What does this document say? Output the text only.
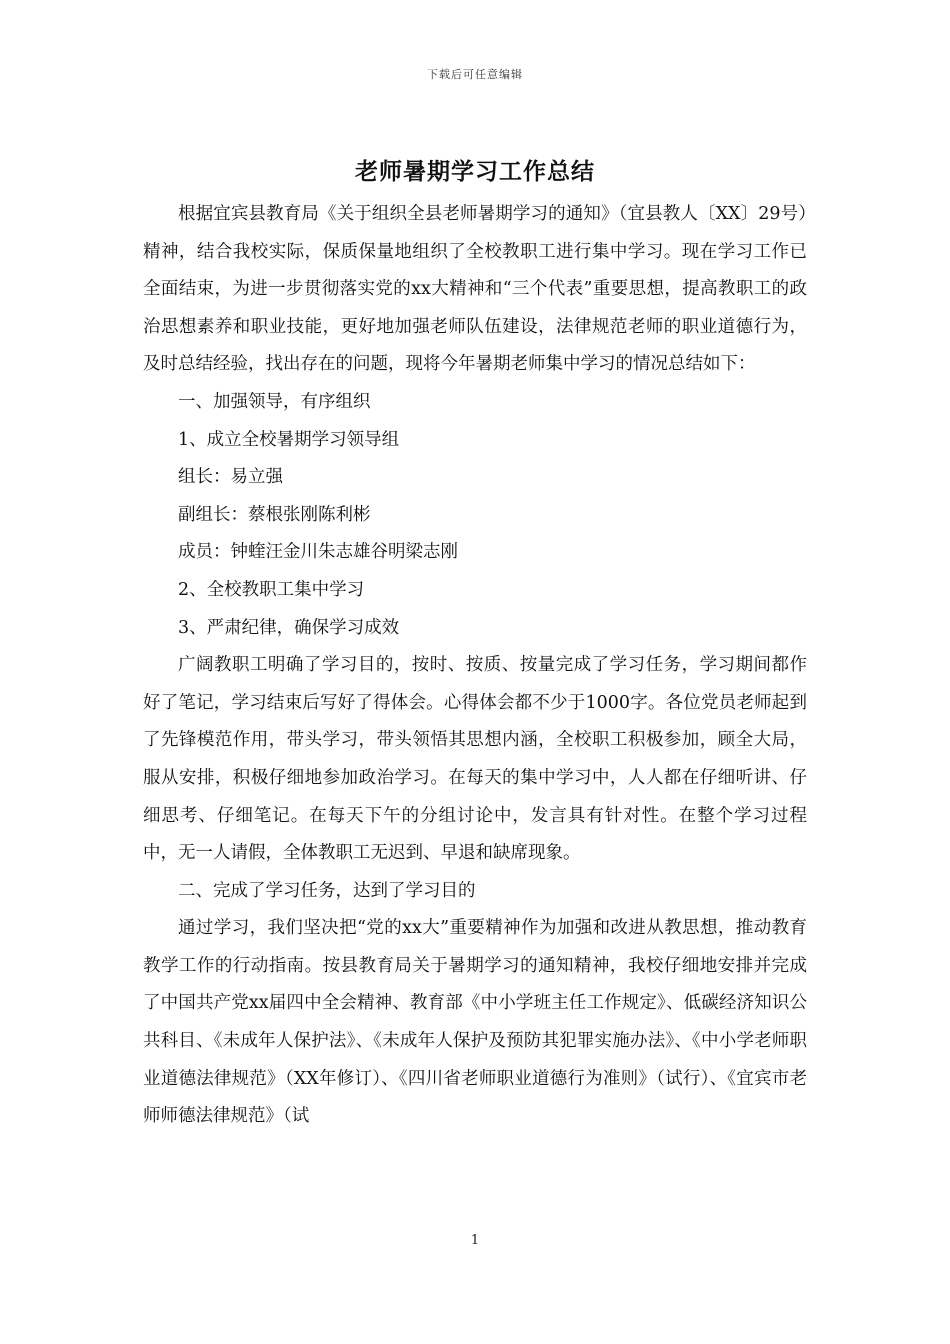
下载后可任意编辑
老师暑期学习工作总结

根据宜宾县教育局《关于组织全县老师暑期学习的通知》（宜县教人〔XX〕29号）精神，结合我校实际，保质保量地组织了全校教职工进行集中学习。现在学习工作已全面结束，为进一步贯彻落实党的xx大精神和“三个代表”重要思想，提高教职工的政治思想素养和职业技能，更好地加强老师队伍建设，法律规范老师的职业道德行为，及时总结经验，找出存在的问题，现将今年暑期老师集中学习的情况总结如下：

一、加强领导，有序组织

1、成立全校暑期学习领导组

组长：易立强

副组长：蔡根张刚陈利彬

成员：钟蝰汪金川朱志雄谷明梁志刚

2、全校教职工集中学习

3、严肃纪律，确保学习成效

广阔教职工明确了学习目的，按时、按质、按量完成了学习任务，学习期间都作好了笔记，学习结束后写好了得体会。心得体会都不少于1000字。各位党员老师起到了先锋模范作用，带头学习，带头领悟其思想内涵，全校职工积极参加，顾全大局，服从安排，积极仔细地参加政治学习。在每天的集中学习中，人人都在仔细听讲、仔细思考、仔细笔记。在每天下午的分组讨论中，发言具有针对性。在整个学习过程中，无一人请假，全体教职工无迟到、早退和缺席现象。

二、完成了学习任务，达到了学习目的

通过学习，我们坚决把“党的xx大”重要精神作为加强和改进从教思想，推动教育教学工作的行动指南。按县教育局关于暑期学习的通知精神，我校仔细地安排并完成了中国共产党xx届四中全会精神、教育部《中小学班主任工作规定》、低碳经济知识公共科目、《未成年人保护法》、《未成年人保护及预防其犯罪实施办法》、《中小学老师职业道德法律规范》（XX年修订）、《四川省老师职业道德行为准则》（试行）、《宜宾市老师师德法律规范》（试

1
